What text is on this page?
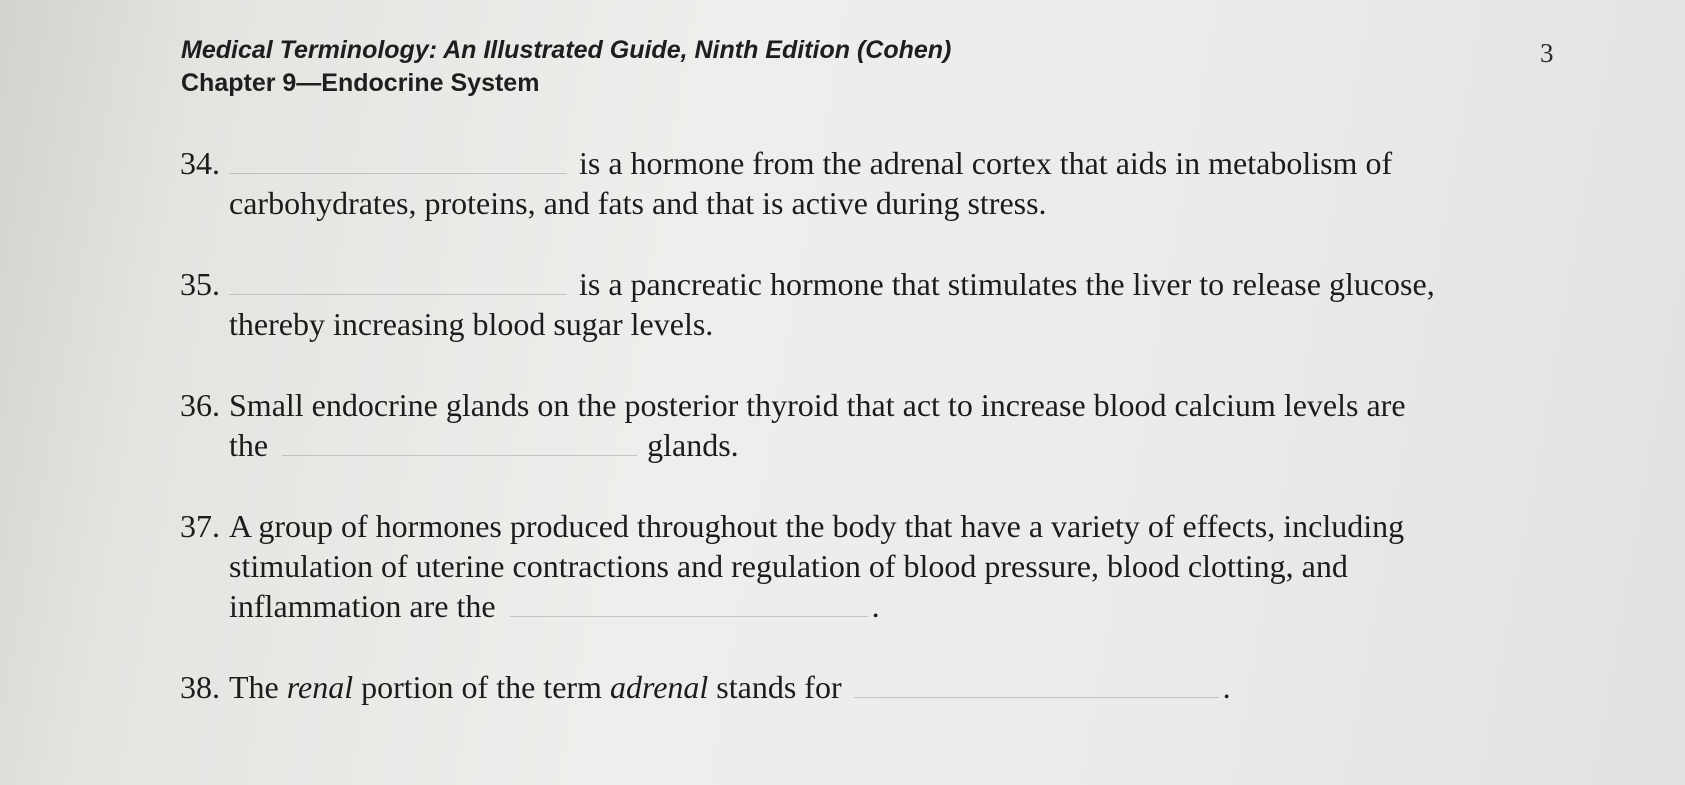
Medical Terminology: An Illustrated Guide, Ninth Edition (Cohen)
Chapter 9—Endocrine System
3
34.	is a hormone from the adrenal cortex that aids in metabolism of
carbohydrates, proteins, and fats and that is active during stress.
35.	is a pancreatic hormone that stimulates the liver to release glucose,
thereby increasing blood sugar levels.
36. Small endocrine glands on the posterior thyroid that act to increase blood calcium levels are
the	glands.
37. A group of hormones produced throughout the body that have a variety of effects, including
stimulation of uterine contractions and regulation of blood pressure, blood clotting, and
inflammation are the	.
38. The renal portion of the term adrenal stands for	.
